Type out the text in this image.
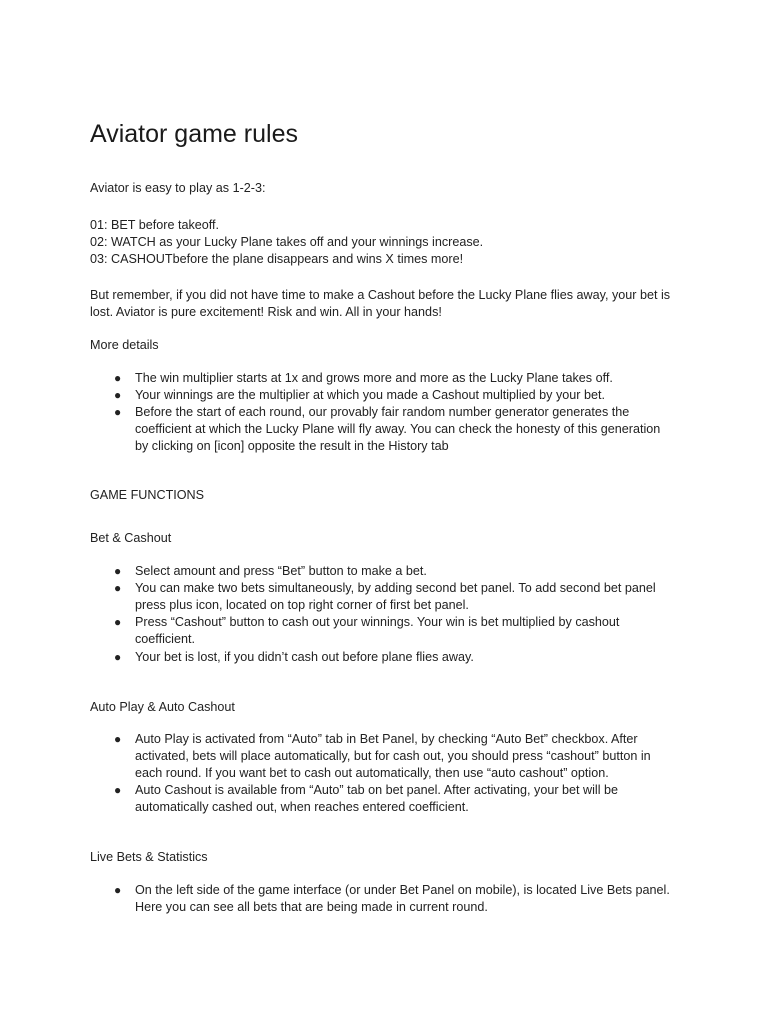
Aviator game rules

Aviator is easy to play as 1-2-3:

01: BET before takeoff.

02: WATCH as your Lucky Plane takes off and your winnings increase.

03: CASHOUTbefore the plane disappears and wins X times more!

But remember, if you did not have time to make a Cashout before the Lucky Plane flies away, your bet is

lost. Aviator is pure excitement! Risk and win. All in your hands!

More details

● The win multiplier starts at 1x and grows more and more as the Lucky Plane takes off.
● Your winnings are the multiplier at which you made a Cashout multiplied by your bet.
● Before the start of each round, our provably fair random number generator generates the
coefficient at which the Lucky Plane will fly away. You can check the honesty of this generation
by clicking on [icon] opposite the result in the History tab

GAME FUNCTIONS

Bet & Cashout

● Select amount and press “Bet” button to make a bet.
● You can make two bets simultaneously, by adding second bet panel. To add second bet panel
press plus icon, located on top right corner of first bet panel.
● Press “Cashout” button to cash out your winnings. Your win is bet multiplied by cashout
coefficient.
● Your bet is lost, if you didn’t cash out before plane flies away.

Auto Play & Auto Cashout

● Auto Play is activated from “Auto” tab in Bet Panel, by checking “Auto Bet” checkbox. After
activated, bets will place automatically, but for cash out, you should press “cashout” button in
each round. If you want bet to cash out automatically, then use “auto cashout” option.
● Auto Cashout is available from “Auto” tab on bet panel. After activating, your bet will be
automatically cashed out, when reaches entered coefficient.

Live Bets & Statistics

● On the left side of the game interface (or under Bet Panel on mobile), is located Live Bets panel.
Here you can see all bets that are being made in current round.
